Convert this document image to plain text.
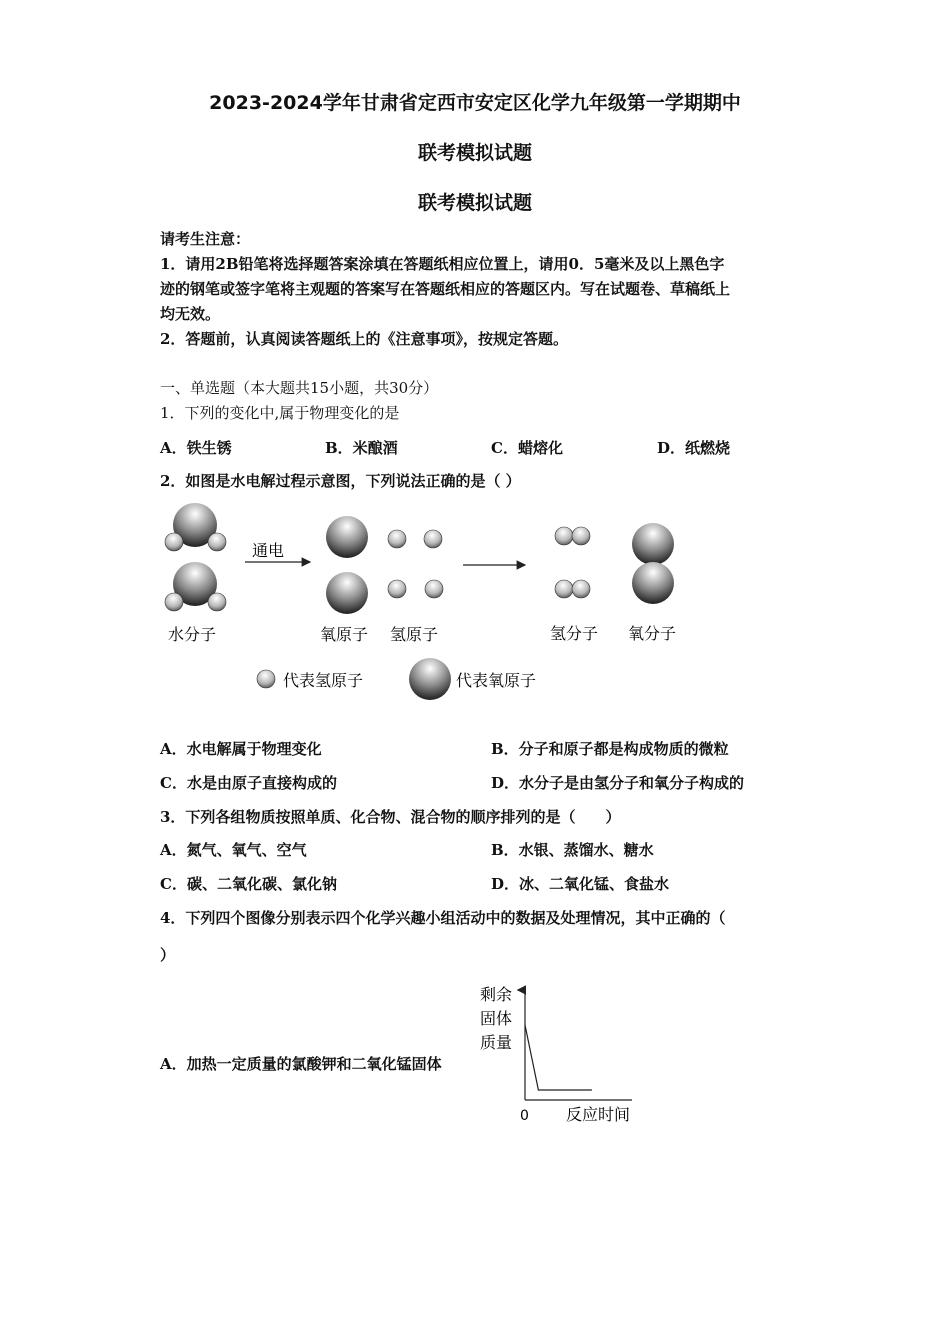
2023-2024学年甘肃省定西市安定区化学九年级第一学期期中
联考模拟试题
联考模拟试题
请考生注意：
1．请用2B铅笔将选择题答案涂填在答题纸相应位置上，请用0．5毫米及以上黑色字
迹的钢笔或签字笔将主观题的答案写在答题纸相应的答题区内。写在试题卷、草稿纸上
均无效。
2．答题前，认真阅读答题纸上的《注意事项》，按规定答题。
一、单选题（本大题共15小题，共30分）
1．下列的变化中,属于物理变化的是
A．铁生锈	B．米酿酒	C．蜡熔化	D．纸燃烧
2．如图是水电解过程示意图，下列说法正确的是（ ）
通电
水分子	氧原子 氢原子	氢分子 氧分子
代表氢原子	代表氧原子
A．水电解属于物理变化	B．分子和原子都是构成物质的微粒
C．水是由原子直接构成的	D．水分子是由氢分子和氧分子构成的
3．下列各组物质按照单质、化合物、混合物的顺序排列的是（　　）
A．氮气、氧气、空气	B．水银、蒸馏水、糖水
C．碳、二氧化碳、氯化钠	D．冰、二氧化锰、食盐水
4．下列四个图像分别表示四个化学兴趣小组活动中的数据及处理情况，其中正确的（
）
A．加热一定质量的氯酸钾和二氧化锰固体
剩余
固体
质量
0 反应时间
